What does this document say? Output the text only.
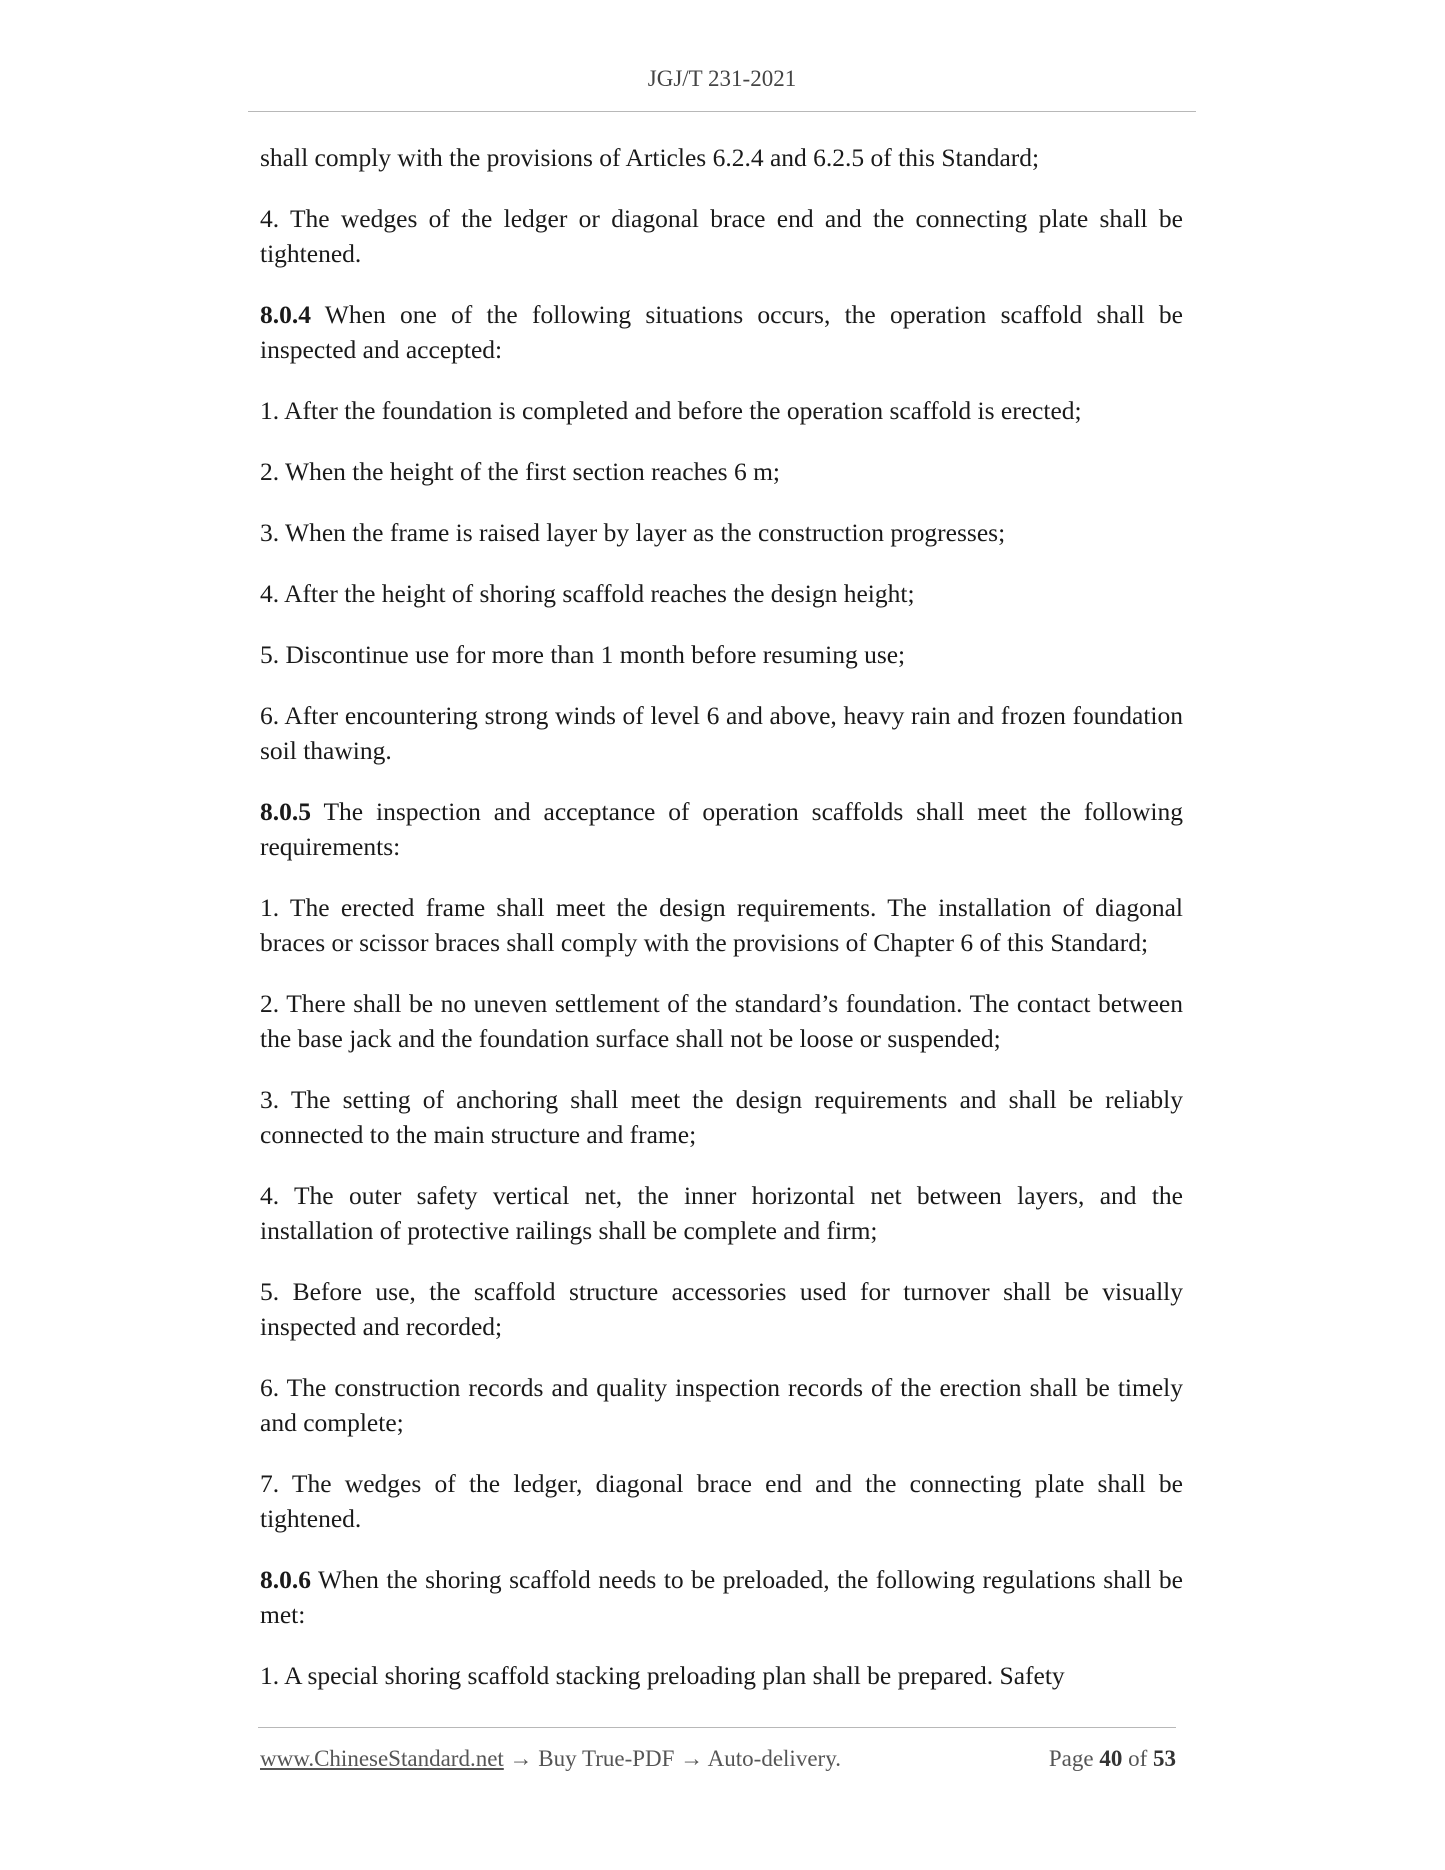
JGJ/T 231-2021

shall comply with the provisions of Articles 6.2.4 and 6.2.5 of this Standard;

4. The wedges of the ledger or diagonal brace end and the connecting plate shall be tightened.

8.0.4 When one of the following situations occurs, the operation scaffold shall be inspected and accepted:

1. After the foundation is completed and before the operation scaffold is erected;

2. When the height of the first section reaches 6 m;

3. When the frame is raised layer by layer as the construction progresses;

4. After the height of shoring scaffold reaches the design height;

5. Discontinue use for more than 1 month before resuming use;

6. After encountering strong winds of level 6 and above, heavy rain and frozen foundation soil thawing.

8.0.5 The inspection and acceptance of operation scaffolds shall meet the following requirements:

1. The erected frame shall meet the design requirements. The installation of diagonal braces or scissor braces shall comply with the provisions of Chapter 6 of this Standard;

2. There shall be no uneven settlement of the standard’s foundation. The contact between the base jack and the foundation surface shall not be loose or suspended;

3. The setting of anchoring shall meet the design requirements and shall be reliably connected to the main structure and frame;

4. The outer safety vertical net, the inner horizontal net between layers, and the installation of protective railings shall be complete and firm;

5. Before use, the scaffold structure accessories used for turnover shall be visually inspected and recorded;

6. The construction records and quality inspection records of the erection shall be timely and complete;

7. The wedges of the ledger, diagonal brace end and the connecting plate shall be tightened.

8.0.6 When the shoring scaffold needs to be preloaded, the following regulations shall be met:

1. A special shoring scaffold stacking preloading plan shall be prepared. Safety

www.ChineseStandard.net → Buy True-PDF → Auto-delivery.	Page 40 of 53
